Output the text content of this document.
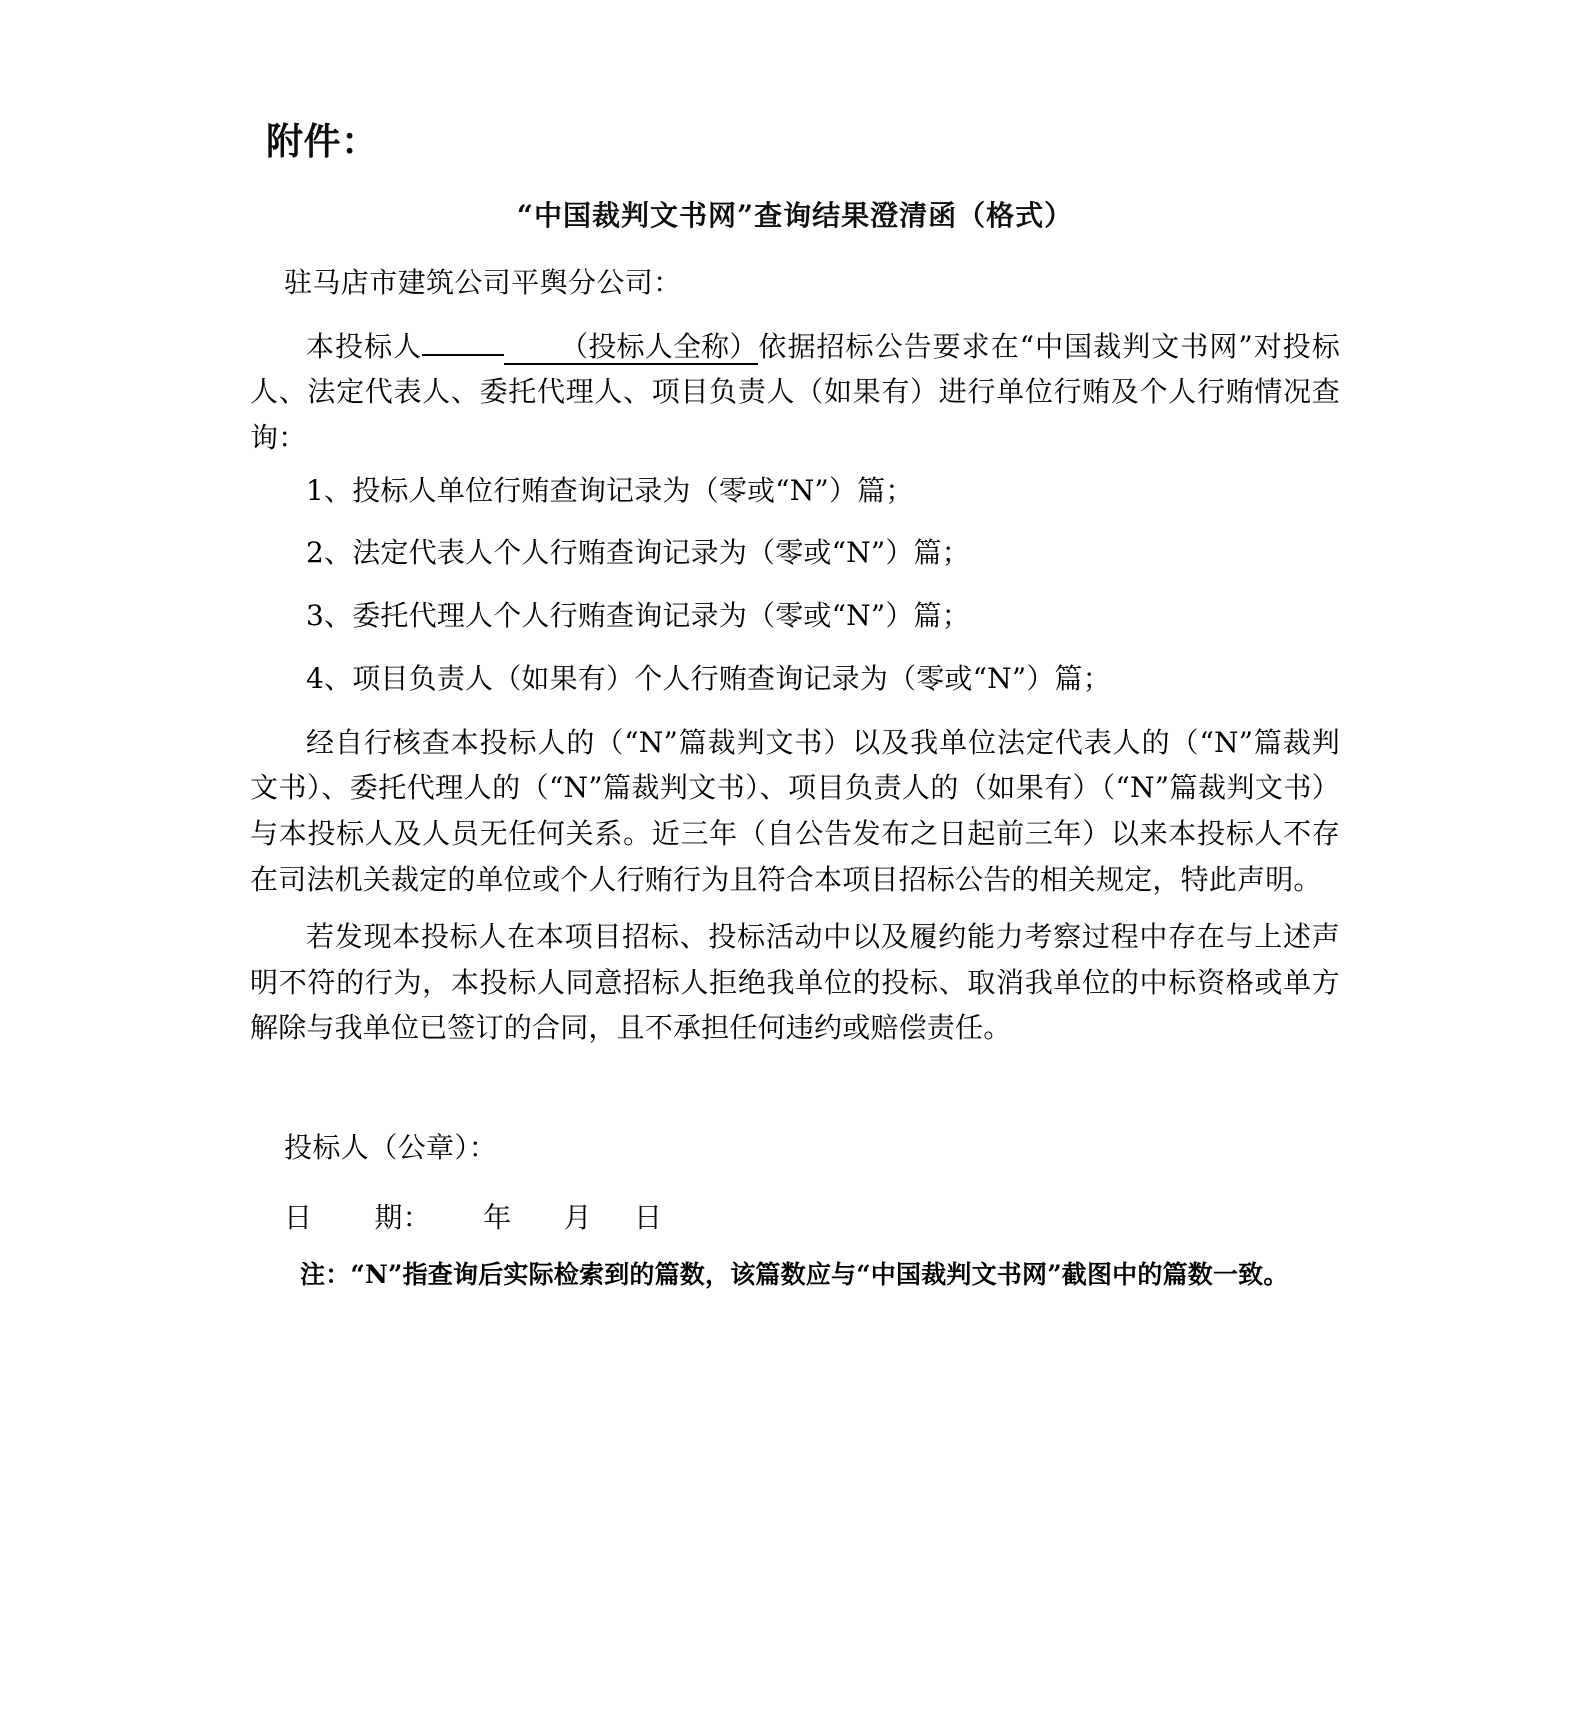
附件：
“中国裁判文书网”查询结果澄清函（格式）
驻马店市建筑公司平舆分公司：

本投标人	（投标人全称）依据招标公告要求在“中国裁判文书网”对投标人、法定代表人、委托代理人、项目负责人（如果有）进行单位行贿及个人行贿情况查询：

1、投标人单位行贿查询记录为（零或“N”）篇；
2、法定代表人个人行贿查询记录为（零或“N”）篇；
3、委托代理人个人行贿查询记录为（零或“N”）篇；
4、项目负责人（如果有）个人行贿查询记录为（零或“N”）篇；

经自行核查本投标人的（“N”篇裁判文书）以及我单位法定代表人的（“N”篇裁判文书）、委托代理人的（“N”篇裁判文书）、项目负责人的（如果有）（“N”篇裁判文书）与本投标人及人员无任何关系。近三年（自公告发布之日起前三年）以来本投标人不存在司法机关裁定的单位或个人行贿行为且符合本项目招标公告的相关规定，特此声明。

若发现本投标人在本项目招标、投标活动中以及履约能力考察过程中存在与上述声明不符的行为，本投标人同意招标人拒绝我单位的投标、取消我单位的中标资格或单方解除与我单位已签订的合同，且不承担任何违约或赔偿责任。

投标人（公章）：
日 期： 年 月 日

注：“N”指查询后实际检索到的篇数，该篇数应与“中国裁判文书网”截图中的篇数一致。
